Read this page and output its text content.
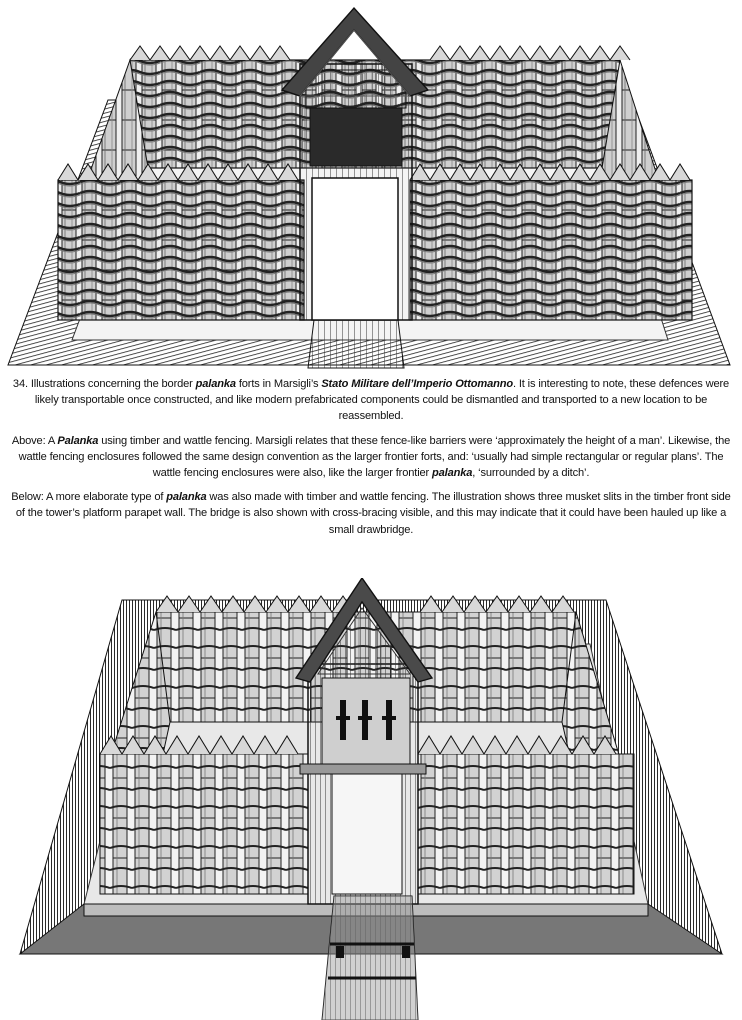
34. Illustrations concerning the border palanka forts in Marsigli’s Stato Militare dell’Imperio Ottomanno. It is interesting to note, these defences were likely transportable once constructed, and like modern prefabricated components could be dismantled and transported to a new location to be reassembled.

Above: A Palanka using timber and wattle fencing. Marsigli relates that these fence-like barriers were ‘approximately the height of a man’. Likewise, the wattle fencing enclosures followed the same design convention as the larger frontier forts, and: ‘usually had simple rectangular or regular plans’. The wattle fencing enclosures were also, like the larger frontier palanka, ‘surrounded by a ditch’.

Below: A more elaborate type of palanka was also made with timber and wattle fencing. The illustration shows three musket slits in the timber front side of the tower’s platform parapet wall. The bridge is also shown with cross-bracing visible, and this may indicate that it could have been hauled up like a small drawbridge.
